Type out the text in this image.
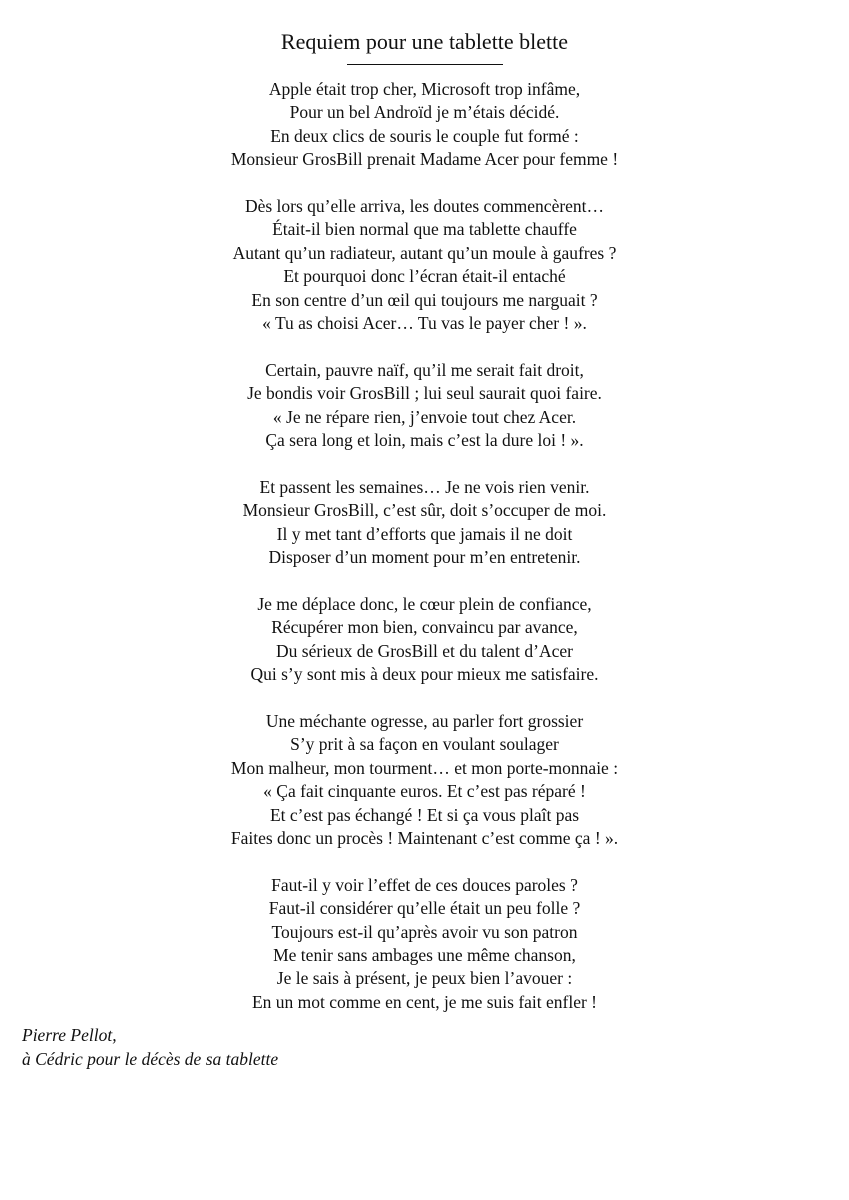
Requiem pour une tablette blette
Apple était trop cher, Microsoft trop infâme,
Pour un bel Androïd je m’étais décidé.
En deux clics de souris le couple fut formé :
Monsieur GrosBill prenait Madame Acer pour femme !
Dès lors qu’elle arriva, les doutes commencèrent…
Était-il bien normal que ma tablette chauffe
Autant qu’un radiateur, autant qu’un moule à gaufres ?
Et pourquoi donc l’écran était-il entaché
En son centre d’un œil qui toujours me narguait ?
« Tu as choisi Acer… Tu vas le payer cher ! ».
Certain, pauvre naïf, qu’il me serait fait droit,
Je bondis voir GrosBill ; lui seul saurait quoi faire.
« Je ne répare rien, j’envoie tout chez Acer.
Ça sera long et loin, mais c’est la dure loi ! ».
Et passent les semaines… Je ne vois rien venir.
Monsieur GrosBill, c’est sûr, doit s’occuper de moi.
Il y met tant d’efforts que jamais il ne doit
Disposer d’un moment pour m’en entretenir.
Je me déplace donc, le cœur plein de confiance,
Récupérer mon bien, convaincu par avance,
Du sérieux de GrosBill et du talent d’Acer
Qui s’y sont mis à deux pour mieux me satisfaire.
Une méchante ogresse, au parler fort grossier
S’y prit à sa façon en voulant soulager
Mon malheur, mon tourment… et mon porte-monnaie :
« Ça fait cinquante euros. Et c’est pas réparé !
Et c’est pas échangé ! Et si ça vous plaît pas
Faites donc un procès ! Maintenant c’est comme ça ! ».
Faut-il y voir l’effet de ces douces paroles ?
Faut-il considérer qu’elle était un peu folle ?
Toujours est-il qu’après avoir vu son patron
Me tenir sans ambages une même chanson,
Je le sais à présent, je peux bien l’avouer :
En un mot comme en cent, je me suis fait enfler !
Pierre Pellot,
à Cédric pour le décès de sa tablette
